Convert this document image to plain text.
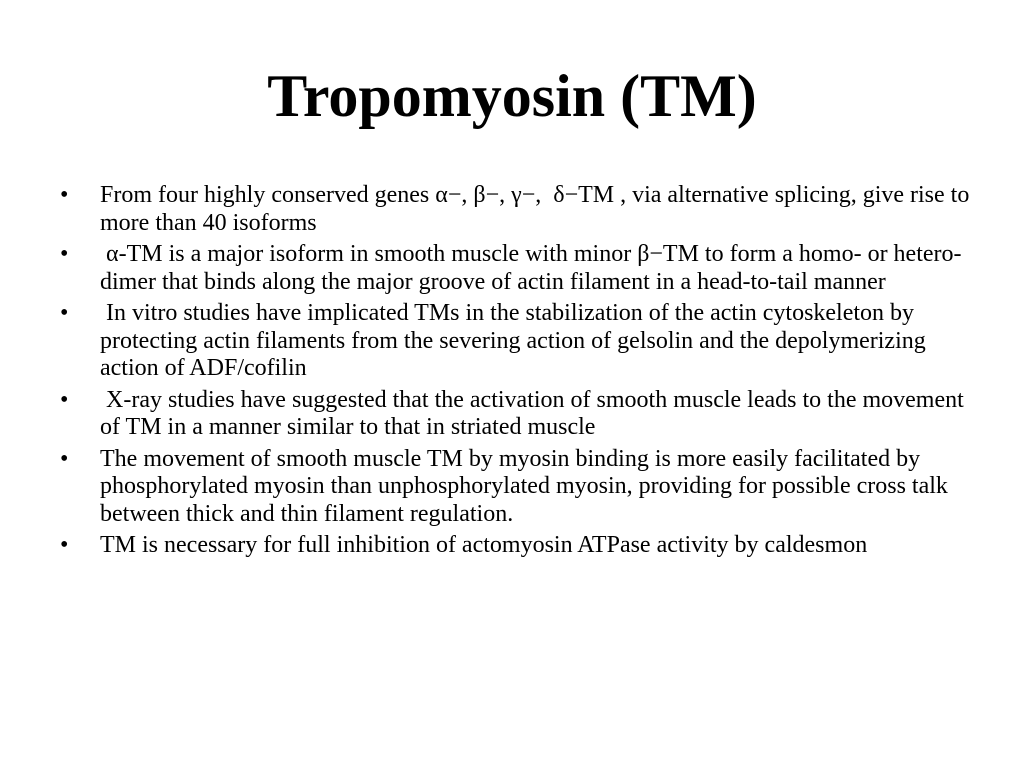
Tropomyosin (TM)
•	From four highly conserved genes α−, β−, γ−,  δ−TM , via alternative splicing, give rise to more than 40 isoforms
•	α-TM is a major isoform in smooth muscle with minor β−TM to form a homo- or hetero-dimer that binds along the major groove of actin filament in a head-to-tail manner
•	In vitro studies have implicated TMs in the stabilization of the actin cytoskeleton by protecting actin filaments from the severing action of gelsolin and the depolymerizing action of ADF/cofilin
•	X-ray studies have suggested that the activation of smooth muscle leads to the movement of TM in a manner similar to that in striated muscle
•	The movement of smooth muscle TM by myosin binding is more easily facilitated by phosphorylated myosin than unphosphorylated myosin, providing for possible cross talk between thick and thin filament regulation.
•	TM is necessary for full inhibition of actomyosin ATPase activity by caldesmon
